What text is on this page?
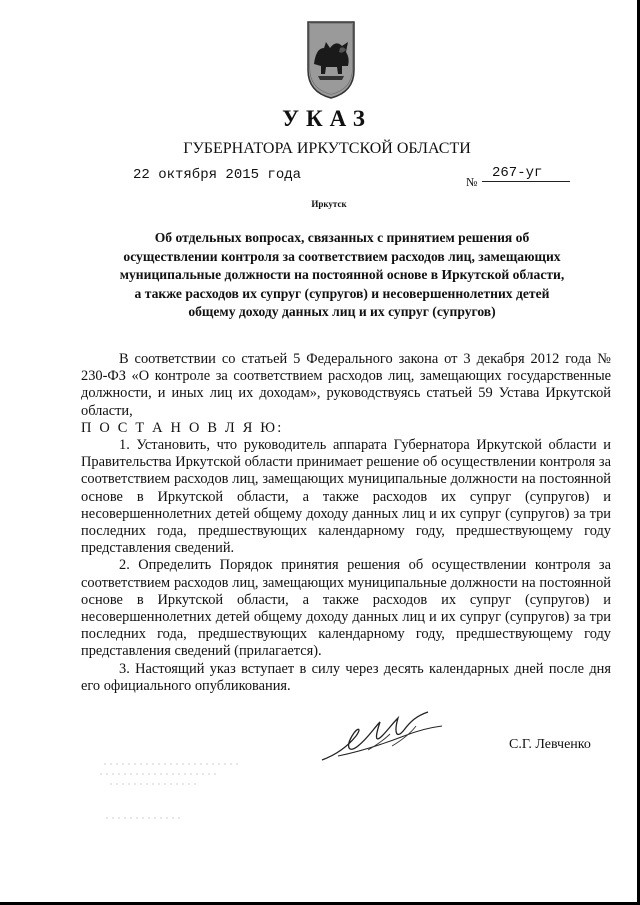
УКАЗ
ГУБЕРНАТОРА ИРКУТСКОЙ ОБЛАСТИ
22 октября 2015 года	№
267-уг
Иркутск
Об отдельных вопросах, связанных с принятием решения об
осуществлении контроля за соответствием расходов лиц, замещающих
муниципальные должности на постоянной основе в Иркутской области,
а также расходов их супруг (супругов) и несовершеннолетних детей
общему доходу данных лиц и их супруг (супругов)

В соответствии со статьей 5 Федерального закона от 3 декабря 2012 года № 230-ФЗ «О контроле за соответствием расходов лиц, замещающих государственные должности, и иных лиц их доходам», руководствуясь статьей 59 Устава Иркутской области,

П О С Т А Н О В Л Я Ю:

1. Установить, что руководитель аппарата Губернатора Иркутской области и Правительства Иркутской области принимает решение об осуществлении контроля за соответствием расходов лиц, замещающих муниципальные должности на постоянной основе в Иркутской области, а также расходов их супруг (супругов) и несовершеннолетних детей общему доходу данных лиц и их супруг (супругов) за три последних года, предшествующих календарному году, предшествующему году представления сведений.

2. Определить Порядок принятия решения об осуществлении контроля за соответствием расходов лиц, замещающих муниципальные должности на постоянной основе в Иркутской области, а также расходов их супруг (супругов) и несовершеннолетних детей общему доходу данных лиц и их супруг (супругов) за три последних года, предшествующих календарному году, предшествующему году представления сведений (прилагается).

3. Настоящий указ вступает в силу через десять календарных дней после дня его официального опубликования.

С.Г. Левченко
